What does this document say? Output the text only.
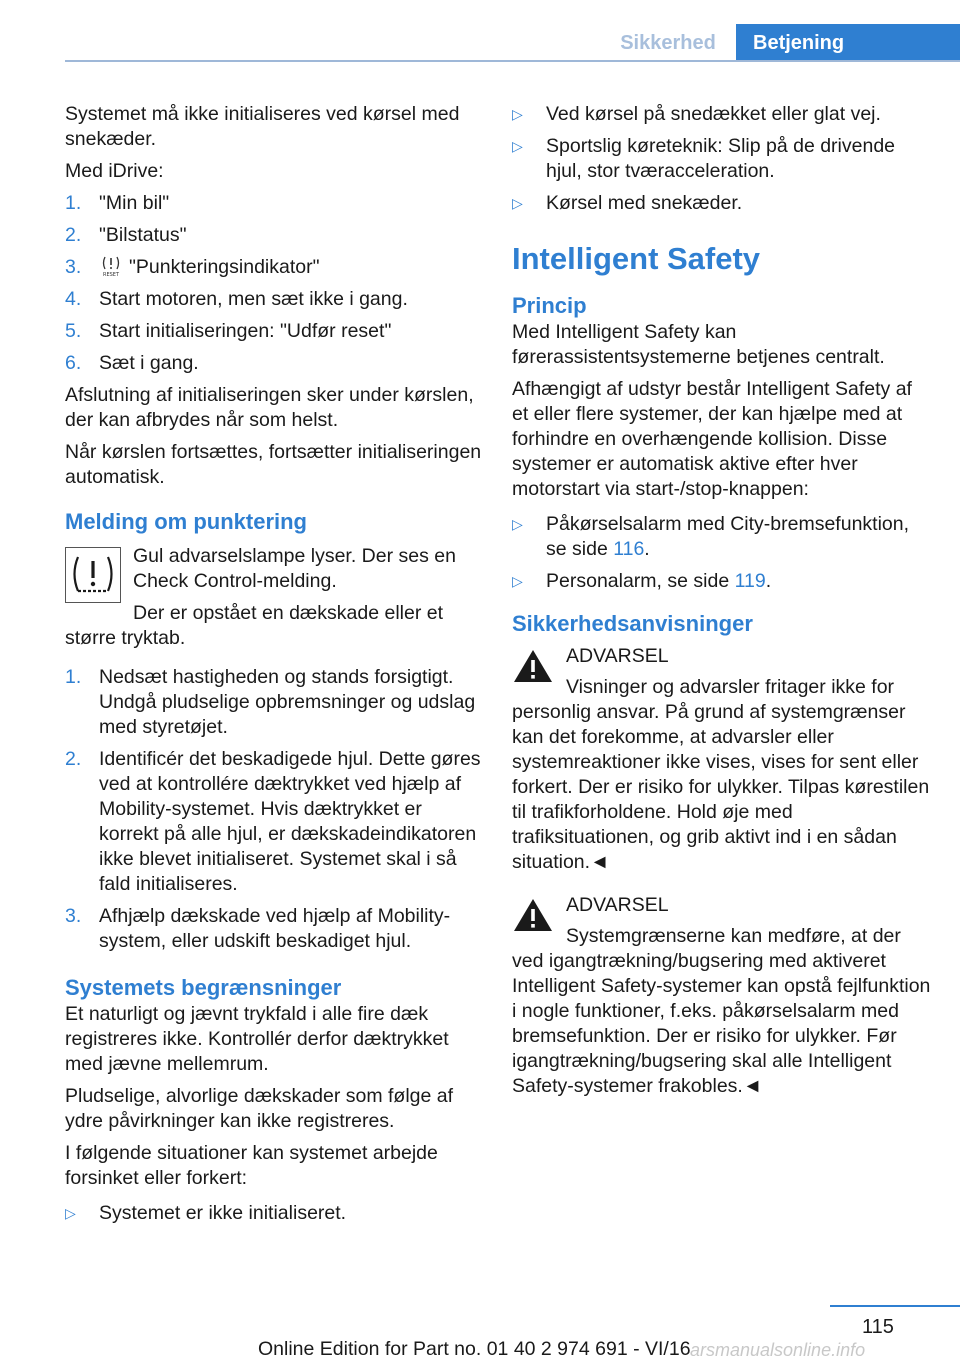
Sikkerhed	Betjening

Systemet må ikke initialiseres ved kørsel med snekæder.

Med iDrive:

1. "Min bil"
2. "Bilstatus"
3.	RESET "Punkteringsindikator"
4. Start motoren, men sæt ikke i gang.
5. Start initialiseringen: "Udfør reset"
6. Sæt i gang.

Afslutning af initialiseringen sker under kørslen, der kan afbrydes når som helst.

Når kørslen fortsættes, fortsætter initialiseringen automatisk.

Melding om punktering

Gul advarselslampe lyser. Der ses en Check Control-melding.

Der er opstået en dækskade eller et større tryktab.

1. Nedsæt hastigheden og stands forsigtigt. Undgå pludselige opbremsninger og udslag med styretøjet.
2. Identificér det beskadigede hjul. Dette gøres ved at kontrollére dæktrykket ved hjælp af Mobility-systemet. Hvis dæktrykket er korrekt på alle hjul, er dækskadeindikatoren ikke blevet initialiseret. Systemet skal i så fald initialiseres.
3. Afhjælp dækskade ved hjælp af Mobility-system, eller udskift beskadiget hjul.
Systemets begrænsninger

Et naturligt og jævnt trykfald i alle fire dæk registreres ikke. Kontrollér derfor dæktrykket med jævne mellemrum.

Pludselige, alvorlige dækskader som følge af ydre påvirkninger kan ikke registreres.

I følgende situationer kan systemet arbejde forsinket eller forkert:

▷ Systemet er ikke initialiseret.
▷ Ved kørsel på snedækket eller glat vej.
▷ Sportslig køreteknik: Slip på de drivende hjul, stor tværacceleration.
▷ Kørsel med snekæder.
Intelligent Safety
Princip

Med Intelligent Safety kan førerassistentsystemerne betjenes centralt.

Afhængigt af udstyr består Intelligent Safety af et eller flere systemer, der kan hjælpe med at forhindre en overhængende kollision. Disse systemer er automatisk aktive efter hver motorstart via start-/stop-knappen:

▷ Påkørselsalarm med City-bremsefunktion, se side 116.
▷ Personalarm, se side 119.
Sikkerhedsanvisninger
ADVARSEL

Visninger og advarsler fritager ikke for personlig ansvar. På grund af systemgrænser kan det forekomme, at advarsler eller systemreaktioner ikke vises, vises for sent eller forkert. Der er risiko for ulykker. Tilpas kørestilen til trafikforholdene. Hold øje med trafiksituationen, og grib aktivt ind i en sådan situation.◄

ADVARSEL

Systemgrænserne kan medføre, at der ved igangtrækning/bugsering med aktiveret Intelligent Safety-systemer kan opstå fejlfunktion i nogle funktioner, f.eks. påkørselsalarm med bremsefunktion. Der er risiko for ulykker. Før igangtrækning/bugsering skal alle Intelligent Safety-systemer frakobles.◄

115
Online Edition for Part no. 01 40 2 974 691 - VI/16 arsmanualsonline.info
